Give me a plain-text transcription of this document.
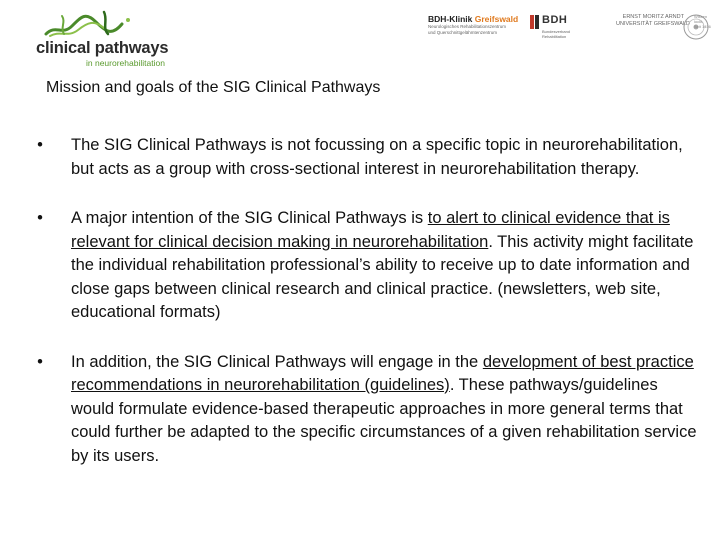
clinical pathways
in neurorehabilitation
BDH-Klinik Greifswald
Neurologisches Rehabilitationszentrum
und Querschnittgelähmtenzentrum
BDH
Bundesverband
Rehabilitation
ERNST MORITZ ARNDT
UNIVERSITÄT GREIFSWALD
Wissen
lockt.
Seit 1456
Mission and goals of the SIG Clinical Pathways
•	The SIG Clinical Pathways is not focussing on a specific topic in neurorehabilitation, but acts as a group with cross-sectional interest in neurorehabilitation therapy.
•	A major intention of the SIG Clinical Pathways is to alert to clinical evidence that is relevant for clinical decision making in neurorehabilitation. This activity might facilitate the individual rehabilitation professional’s ability to receive up to date information and close gaps between clinical research and clinical practice. (newsletters, web site, educational formats)
•	In addition, the SIG Clinical Pathways will engage in the development of best practice recommendations in neurorehabilitation (guidelines). These pathways/guidelines would formulate evidence-based therapeutic approaches in more general terms that could further be adapted to the specific circumstances of a given rehabilitation service by its users.
